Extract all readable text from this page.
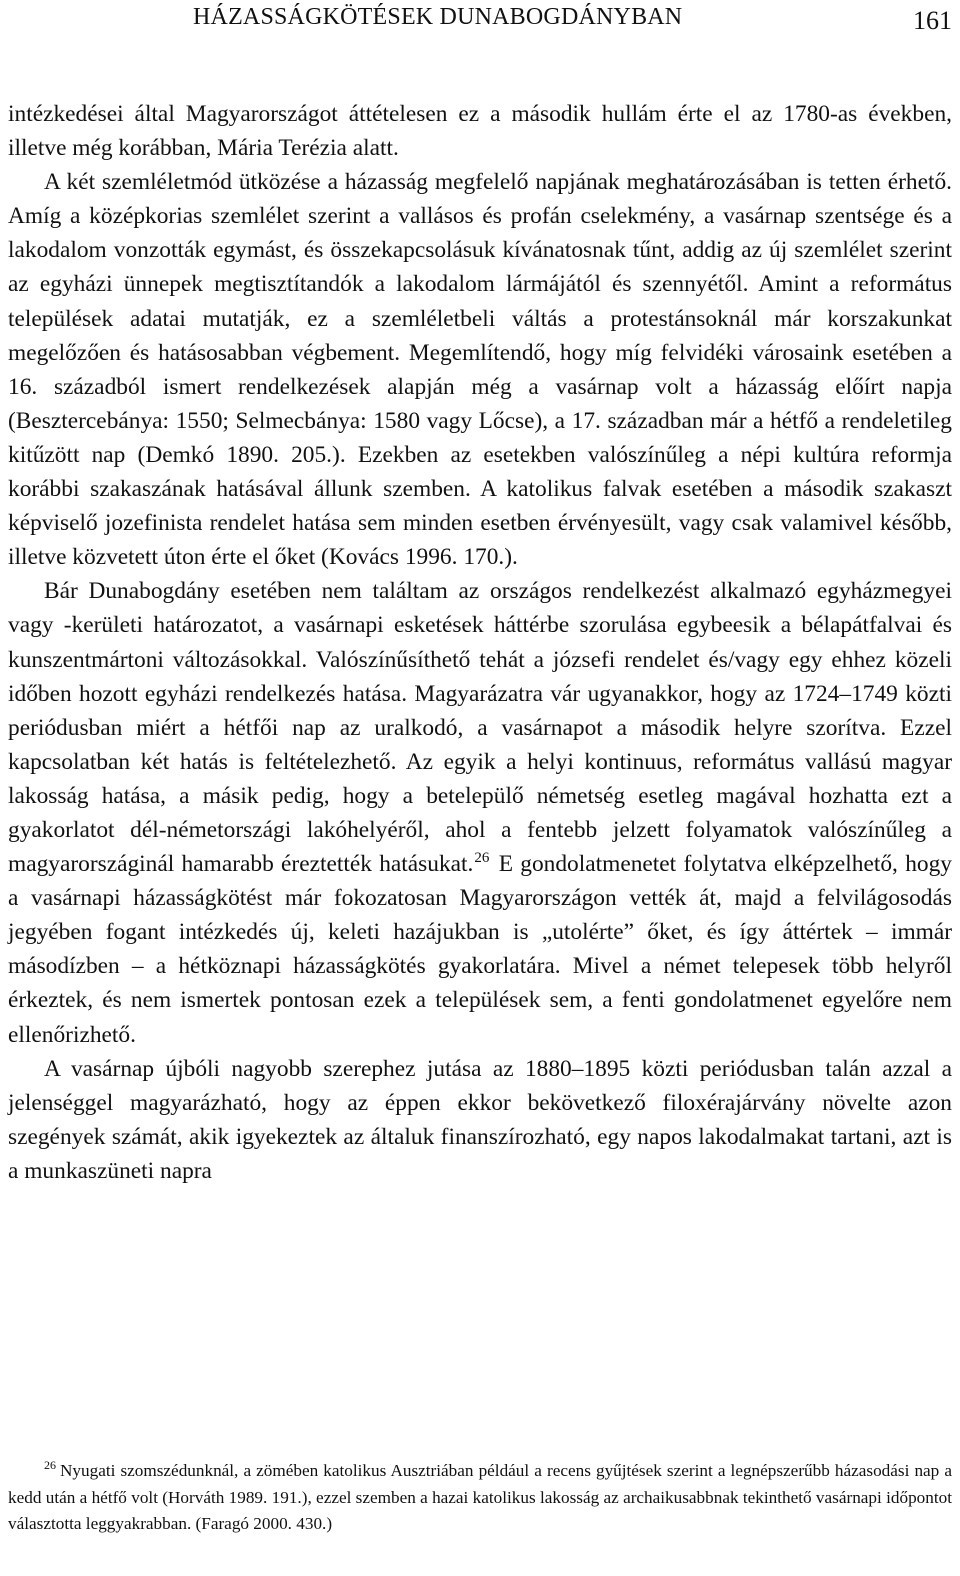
HÁZASSÁGKÖTÉSEK DUNABOGDÁNYBAN	161

intézkedései által Magyarországot áttételesen ez a második hullám érte el az 1780-as években, illetve még korábban, Mária Terézia alatt.

A két szemléletmód ütközése a házasság megfelelő napjának meghatározásában is tetten érhető. Amíg a középkorias szemlélet szerint a vallásos és profán cselekmény, a vasárnap szentsége és a lakodalom vonzották egymást, és összekapcsolásuk kívánatosnak tűnt, addig az új szemlélet szerint az egyházi ünnepek megtisztítandók a lakodalom lármájától és szennyétől. Amint a református települések adatai mutatják, ez a szemléletbeli váltás a protestánsoknál már korszakunkat megelőzően és hatásosabban végbement. Megemlítendő, hogy míg felvidéki városaink esetében a 16. századból ismert rendelkezések alapján még a vasárnap volt a házasság előírt napja (Besztercebánya: 1550; Selmecbánya: 1580 vagy Lőcse), a 17. században már a hétfő a rendeletileg kitűzött nap (Demkó 1890. 205.). Ezekben az esetekben valószínűleg a népi kultúra reformja korábbi szakaszának hatásával állunk szemben. A katolikus falvak esetében a második szakaszt képviselő jozefinista rendelet hatása sem minden esetben érvényesült, vagy csak valamivel később, illetve közvetett úton érte el őket (Kovács 1996. 170.).

Bár Dunabogdány esetében nem találtam az országos rendelkezést alkalmazó egyházmegyei vagy -kerületi határozatot, a vasárnapi esketések háttérbe szorulása egybeesik a bélapátfalvai és kunszentmártoni változásokkal. Valószínűsíthető tehát a józsefi rendelet és/vagy egy ehhez közeli időben hozott egyházi rendelkezés hatása. Magyarázatra vár ugyanakkor, hogy az 1724–1749 közti periódusban miért a hétfői nap az uralkodó, a vasárnapot a második helyre szorítva. Ezzel kapcsolatban két hatás is feltételezhető. Az egyik a helyi kontinuus, református vallású magyar lakosság hatása, a másik pedig, hogy a betelepülő németség esetleg magával hozhatta ezt a gyakorlatot dél-németországi lakóhelyéről, ahol a fentebb jelzett folyamatok valószínűleg a magyarországinál hamarabb éreztették hatásukat.$^{26}$ E gondolatmenetet folytatva elképzelhető, hogy a vasárnapi házasságkötést már fokozatosan Magyarországon vették át, majd a felvilágosodás jegyében fogant intézkedés új, keleti hazájukban is „utolérte” őket, és így áttértek – immár másodízben – a hétköznapi házasságkötés gyakorlatára. Mivel a német telepesek több helyről érkeztek, és nem ismertek pontosan ezek a települések sem, a fenti gondolatmenet egyelőre nem ellenőrizhető.

A vasárnap újbóli nagyobb szerephez jutása az 1880–1895 közti periódusban talán azzal a jelenséggel magyarázható, hogy az éppen ekkor bekövetkező filoxérajárvány növelte azon szegények számát, akik igyekeztek az általuk finanszírozható, egy napos lakodalmakat tartani, azt is a munkaszüneti napra

$^{26}$ Nyugati szomszédunknál, a zömében katolikus Ausztriában például a recens gyűjtések szerint a legnépszerűbb házasodási nap a kedd után a hétfő volt (Horváth 1989. 191.), ezzel szemben a hazai katolikus lakosság az archaikusabbnak tekinthető vasárnapi időpontot választotta leggyakrabban. (Faragó 2000. 430.)
